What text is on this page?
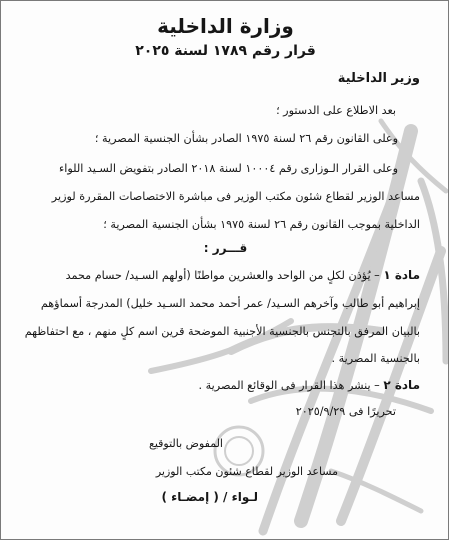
وزارة الداخلية
قرار رقم ١٧٨٩ لسنة ٢٠٢٥
وزير الداخلية
بعد الاطلاع على الدستور ؛
وعلى القانون رقم ٢٦ لسنة ١٩٧٥ الصادر بشأن الجنسية المصرية ؛
وعلى القرار الـوزارى رقم ١٠٠٠٤ لسنة ٢٠١٨ الصادر بتفويض السـيد اللواء
مساعد الوزير لقطاع شئون مكتب الوزير فى مباشرة الاختصاصات المقررة لوزير
الداخلية بموجب القانون رقم ٢٦ لسنة ١٩٧٥ بشأن الجنسية المصرية ؛
قـــرر :
مادة ١ – يُؤذن لكلٍ من الواحد والعشرين مواطنًا (أولهم السـيد/ حسام محمد
إبراهيم أبو طالب وآخرهم السـيد/ عمر أحمد محمد السـيد خليل) المدرجة أسماؤهم
بالبيان المرفق بالتجنس بالجنسية الأجنبية الموضحة قرين اسم كلٍ منهم ، مع احتفاظهم
بالجنسية المصرية .
مادة ٢ – ينشر هذا القرار فى الوقائع المصرية .
تحريرًا فى ٢٠٢٥/٩/٢٩
المفوض بالتوقيع
مساعد الوزير لقطاع شئون مكتب الوزير
لـواء / ( إمضـاء )
